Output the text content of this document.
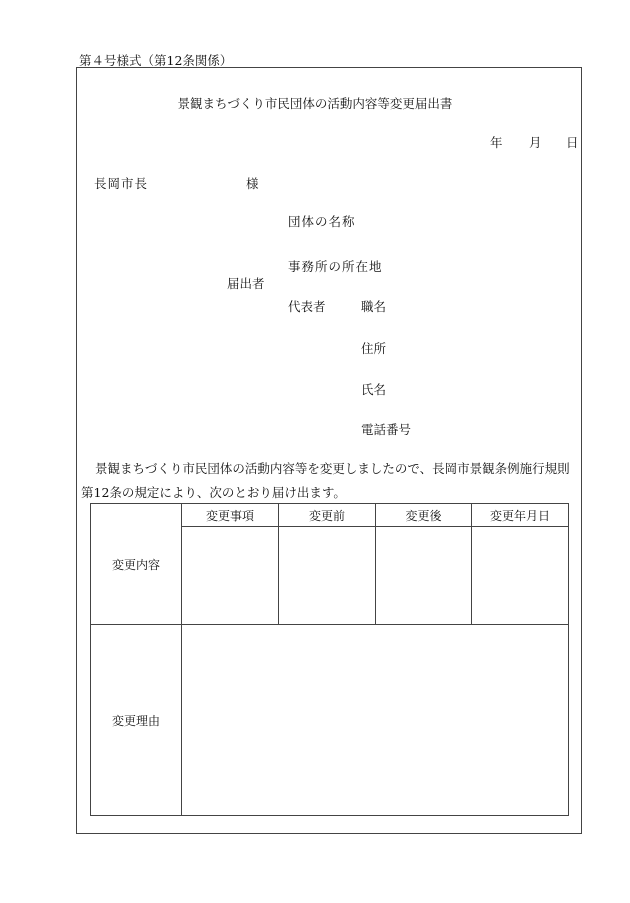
第４号様式（第12条関係）
景観まちづくり市民団体の活動内容等変更届出書
年 月 日
長岡市長	様
団体の名称
事務所の所在地
届出者
代表者	職名
住所
氏名
電話番号
景観まちづくり市民団体の活動内容等を変更しましたので、長岡市景観条例施行規則
第12条の規定により、次のとおり届け出ます。
変更内容	変更事項	変更前	変更後	変更年月日

変更理由				
